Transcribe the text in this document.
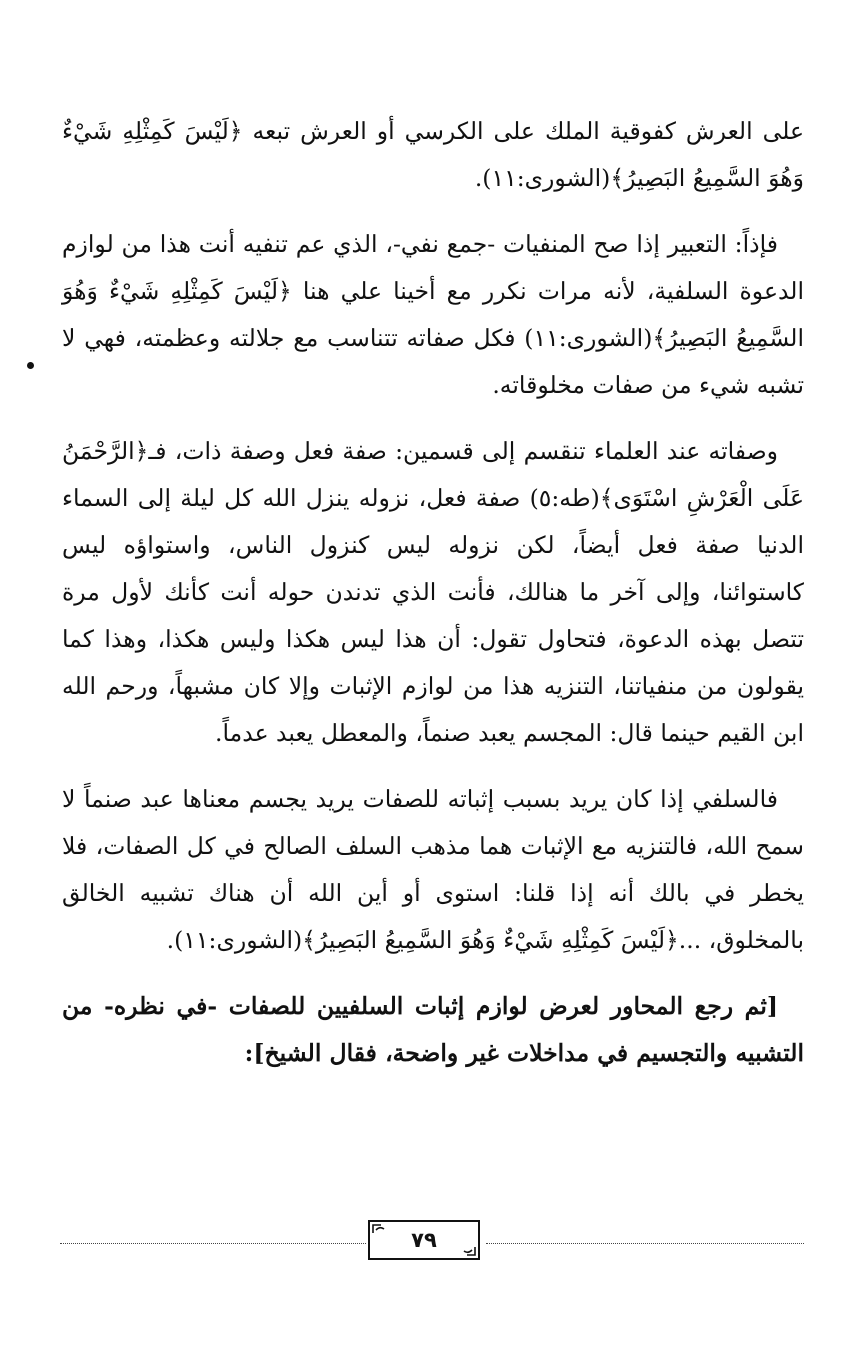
على العرش كفوقية الملك على الكرسي أو العرش تبعه ﴿لَيْسَ كَمِثْلِهِ شَيْءٌ وَهُوَ السَّمِيعُ البَصِيرُ﴾(الشورى:١١).

فإذاً: التعبير إذا صح المنفيات -جمع نفي-، الذي عم تنفيه أنت هذا من لوازم الدعوة السلفية، لأنه مرات نكرر مع أخينا علي هنا ﴿لَيْسَ كَمِثْلِهِ شَيْءٌ وَهُوَ السَّمِيعُ البَصِيرُ﴾(الشورى:١١) فكل صفاته تتناسب مع جلالته وعظمته، فهي لا تشبه شيء من صفات مخلوقاته.

وصفاته عند العلماء تنقسم إلى قسمين: صفة فعل وصفة ذات، فـ﴿الرَّحْمَنُ عَلَى الْعَرْشِ اسْتَوَى﴾(طه:٥) صفة فعل، نزوله ينزل الله كل ليلة إلى السماء الدنيا صفة فعل أيضاً، لكن نزوله ليس كنزول الناس، واستواؤه ليس كاستوائنا، وإلى آخر ما هنالك، فأنت الذي تدندن حوله أنت كأنك لأول مرة تتصل بهذه الدعوة، فتحاول تقول: أن هذا ليس هكذا وليس هكذا، وهذا كما يقولون من منفياتنا، التنزيه هذا من لوازم الإثبات وإلا كان مشبهاً، ورحم الله ابن القيم حينما قال: المجسم يعبد صنماً، والمعطل يعبد عدماً.

فالسلفي إذا كان يريد بسبب إثباته للصفات يريد يجسم معناها عبد صنماً لا سمح الله، فالتنزيه مع الإثبات هما مذهب السلف الصالح في كل الصفات، فلا يخطر في بالك أنه إذا قلنا: استوى أو أين الله أن هناك تشبيه الخالق بالمخلوق، ...﴿لَيْسَ كَمِثْلِهِ شَيْءٌ وَهُوَ السَّمِيعُ البَصِيرُ﴾(الشورى:١١).

[ثم رجع المحاور لعرض لوازم إثبات السلفيين للصفات -في نظره- من التشبيه والتجسيم في مداخلات غير واضحة، فقال الشيخ]:

٧٩
